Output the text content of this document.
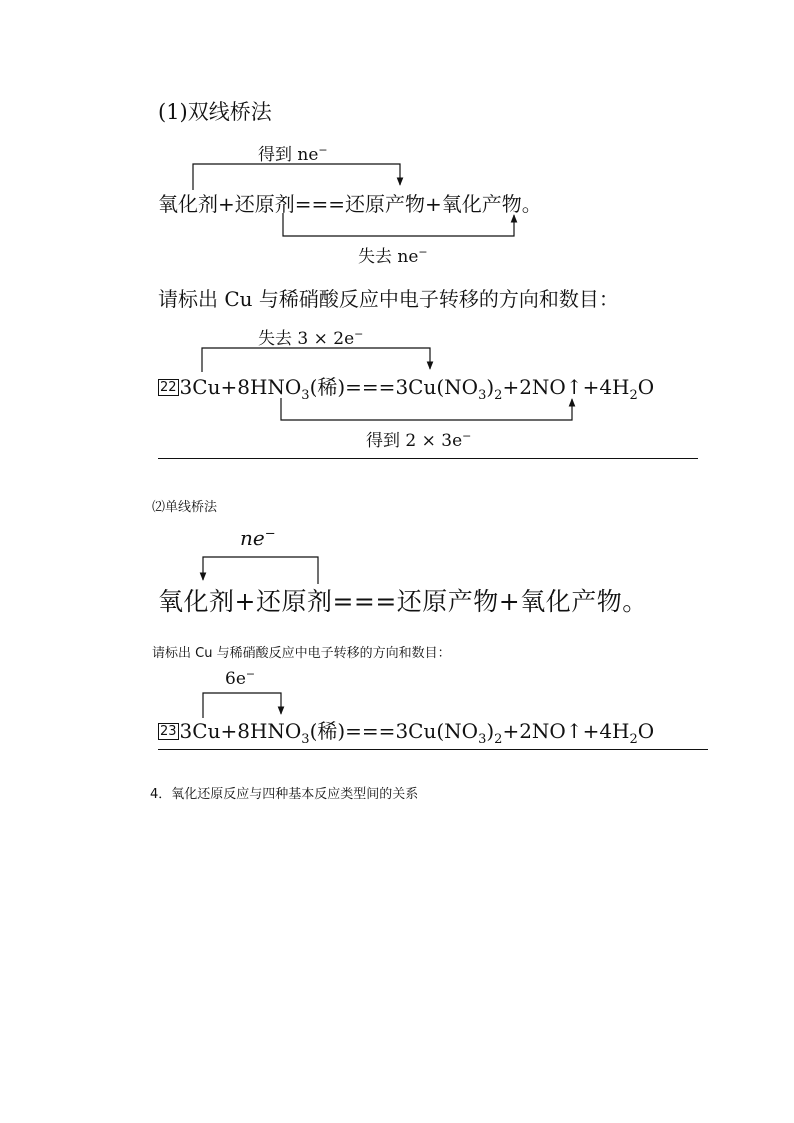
(1)双线桥法
得到 ne−
氧化剂+还原剂===还原产物+氧化产物。
失去 ne−
请标出 Cu 与稀硝酸反应中电子转移的方向和数目：
失去 3 × 2e−
22 $3Cu+8HNO_3$(稀)$===3Cu(NO_3)_2+2NO↑+4H_2O$
得到 2 × 3e−
⑵单线桥法
ne−
氧化剂+还原剂===还原产物+氧化产物。
请标出 Cu 与稀硝酸反应中电子转移的方向和数目：
6e−
23 $3Cu+8HNO_3$(稀)$===3Cu(NO_3)_2+2NO↑+4H_2O$
4．氧化还原反应与四种基本反应类型间的关系
